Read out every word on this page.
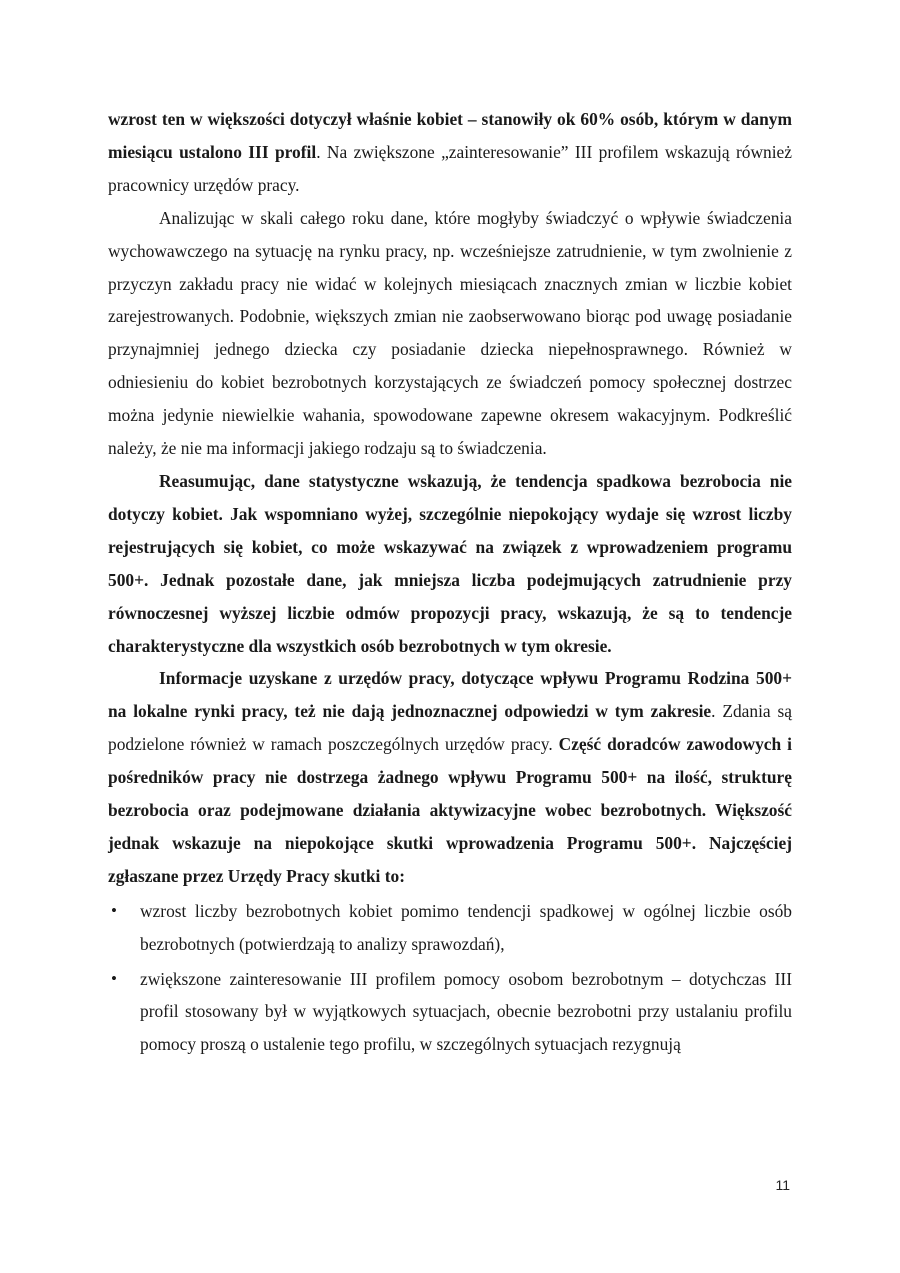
wzrost ten w większości dotyczył właśnie kobiet – stanowiły ok 60% osób, którym w danym miesiącu ustalono III profil. Na zwiększone „zainteresowanie” III profilem wskazują również pracownicy urzędów pracy.

Analizując w skali całego roku dane, które mogłyby świadczyć o wpływie świadczenia wychowawczego na sytuację na rynku pracy, np. wcześniejsze zatrudnienie, w tym zwolnienie z przyczyn zakładu pracy nie widać w kolejnych miesiącach znacznych zmian w liczbie kobiet zarejestrowanych. Podobnie, większych zmian nie zaobserwowano biorąc pod uwagę posiadanie przynajmniej jednego dziecka czy posiadanie dziecka niepełnosprawnego. Również w odniesieniu do kobiet bezrobotnych korzystających ze świadczeń pomocy społecznej dostrzec można jedynie niewielkie wahania, spowodowane zapewne okresem wakacyjnym. Podkreślić należy, że nie ma informacji jakiego rodzaju są to świadczenia.

Reasumując, dane statystyczne wskazują, że tendencja spadkowa bezrobocia nie dotyczy kobiet. Jak wspomniano wyżej, szczególnie niepokojący wydaje się wzrost liczby rejestrujących się kobiet, co może wskazywać na związek z wprowadzeniem programu 500+. Jednak pozostałe dane, jak mniejsza liczba podejmujących zatrudnienie przy równoczesnej wyższej liczbie odmów propozycji pracy, wskazują, że są to tendencje charakterystyczne dla wszystkich osób bezrobotnych w tym okresie.

Informacje uzyskane z urzędów pracy, dotyczące wpływu Programu Rodzina 500+ na lokalne rynki pracy, też nie dają jednoznacznej odpowiedzi w tym zakresie. Zdania są podzielone również w ramach poszczególnych urzędów pracy. Część doradców zawodowych i pośredników pracy nie dostrzega żadnego wpływu Programu 500+ na ilość, strukturę bezrobocia oraz podejmowane działania aktywizacyjne wobec bezrobotnych. Większość jednak wskazuje na niepokojące skutki wprowadzenia Programu 500+. Najczęściej zgłaszane przez Urzędy Pracy skutki to:

• wzrost liczby bezrobotnych kobiet pomimo tendencji spadkowej w ogólnej liczbie osób bezrobotnych (potwierdzają to analizy sprawozdań),
• zwiększone zainteresowanie III profilem pomocy osobom bezrobotnym – dotychczas III profil stosowany był w wyjątkowych sytuacjach, obecnie bezrobotni przy ustalaniu profilu pomocy proszą o ustalenie tego profilu, w szczególnych sytuacjach rezygnują
11
